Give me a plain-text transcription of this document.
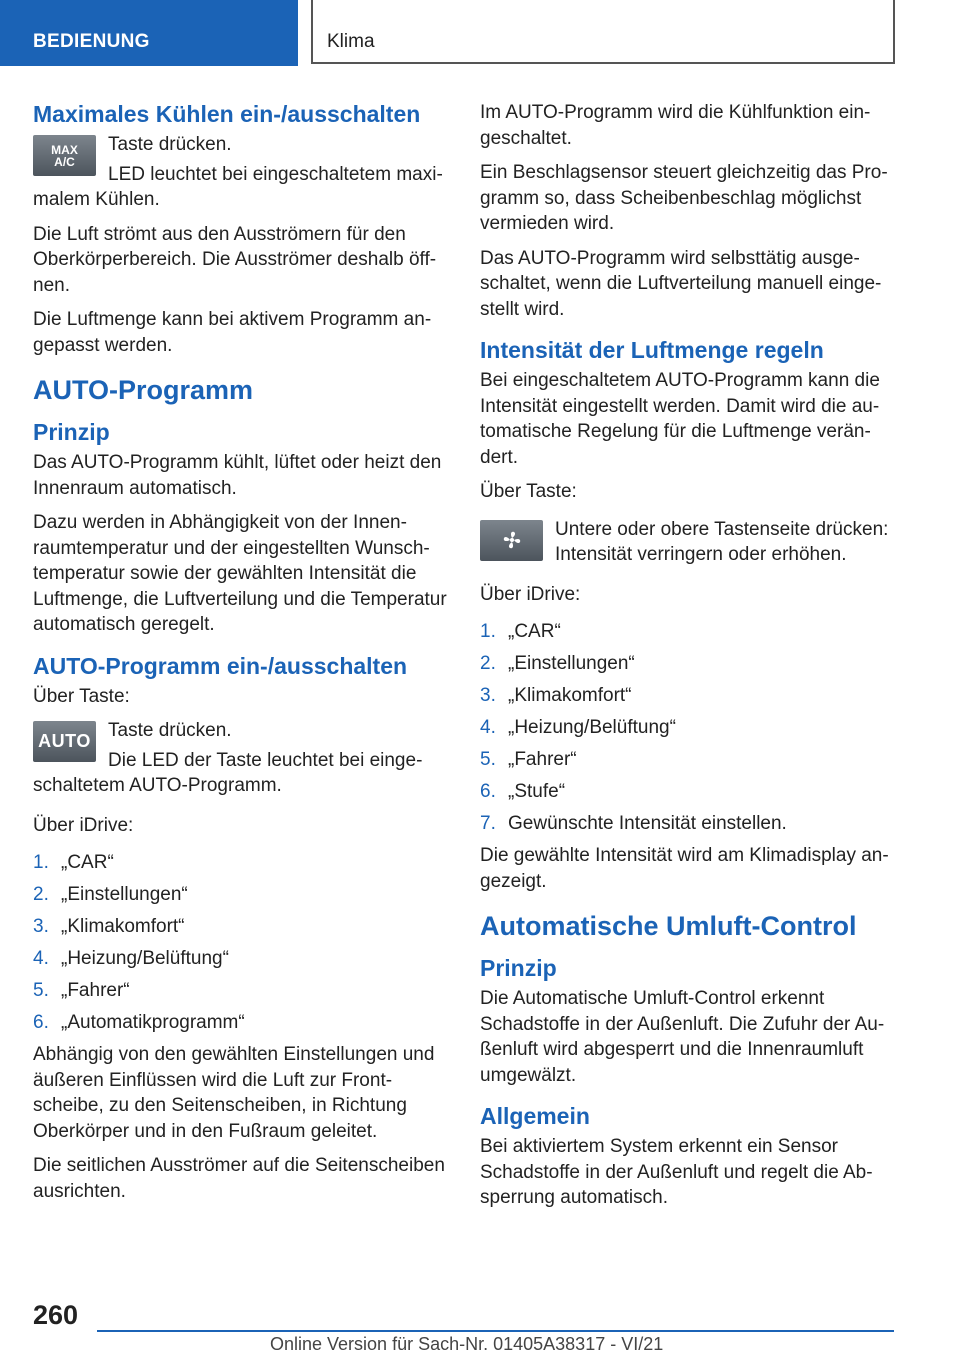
BEDIENUNG	Klima
Maximales Kühlen ein-/ausschalten
MAX
A/C

Taste drücken.

LED leuchtet bei eingeschaltetem maximalem Kühlen.

Die Luft strömt aus den Ausströmern für den Oberkörperbereich. Die Ausströmer deshalb öffnen.

Die Luftmenge kann bei aktivem Programm angepasst werden.

AUTO-Programm
Prinzip

Das AUTO-Programm kühlt, lüftet oder heizt den Innenraum automatisch.

Dazu werden in Abhängigkeit von der Innenraumtemperatur und der eingestellten Wunschtemperatur sowie der gewählten Intensität die Luftmenge, die Luftverteilung und die Temperatur automatisch geregelt.

AUTO-Programm ein-/ausschalten

Über Taste:

AUTO Taste drücken.

Die LED der Taste leuchtet bei eingeschaltetem AUTO-Programm.

Über iDrive:

1. „CAR“
2. „Einstellungen“
3. „Klimakomfort“
4. „Heizung/Belüftung“
5. „Fahrer“
6. „Automatikprogramm“

Abhängig von den gewählten Einstellungen und äußeren Einflüssen wird die Luft zur Frontscheibe, zu den Seitenscheiben, in Richtung Oberkörper und in den Fußraum geleitet.

Die seitlichen Ausströmer auf die Seitenscheiben ausrichten.

Im AUTO-Programm wird die Kühlfunktion eingeschaltet.

Ein Beschlagsensor steuert gleichzeitig das Programm so, dass Scheibenbeschlag möglichst vermieden wird.

Das AUTO-Programm wird selbsttätig ausgeschaltet, wenn die Luftverteilung manuell eingestellt wird.

Intensität der Luftmenge regeln

Bei eingeschaltetem AUTO-Programm kann die Intensität eingestellt werden. Damit wird die automatische Regelung für die Luftmenge verändert.

Über Taste:

Untere oder obere Tastenseite drücken: Intensität verringern oder erhöhen.

Über iDrive:

1. „CAR“
2. „Einstellungen“
3. „Klimakomfort“
4. „Heizung/Belüftung“
5. „Fahrer“
6. „Stufe“
7. Gewünschte Intensität einstellen.

Die gewählte Intensität wird am Klimadisplay angezeigt.

Automatische Umluft-Control
Prinzip

Die Automatische Umluft-Control erkennt Schadstoffe in der Außenluft. Die Zufuhr der Außenluft wird abgesperrt und die Innenraumluft umgewälzt.

Allgemein

Bei aktiviertem System erkennt ein Sensor Schadstoffe in der Außenluft und regelt die Absperrung automatisch.

260
Online Version für Sach-Nr. 01405A38317 - VI/21
